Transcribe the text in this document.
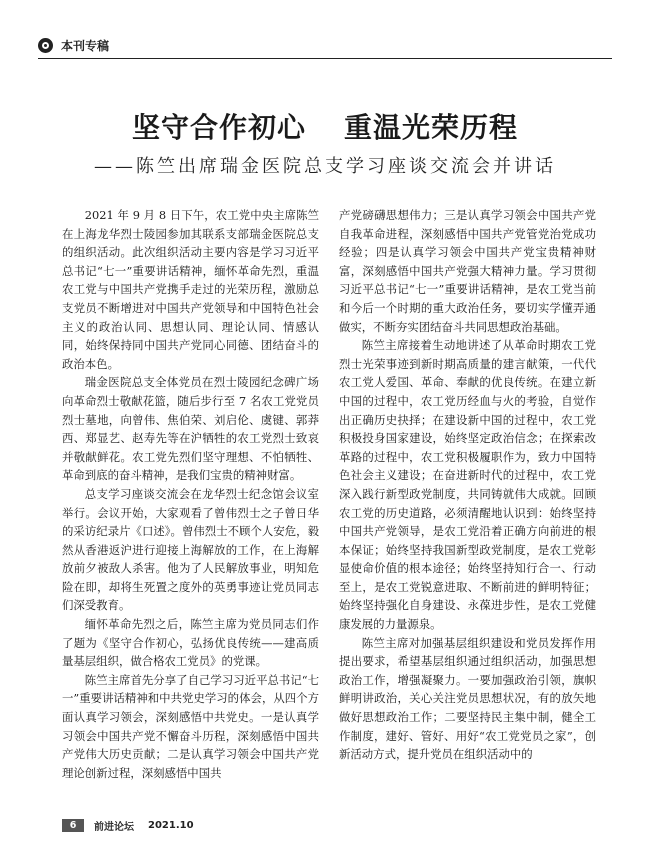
本刊专稿
坚守合作初心 重温光荣历程
——陈竺出席瑞金医院总支学习座谈交流会并讲话

2021 年 9 月 8 日下午，农工党中央主席陈竺在上海龙华烈士陵园参加其联系支部瑞金医院总支的组织活动。此次组织活动主要内容是学习习近平总书记“七一”重要讲话精神，缅怀革命先烈，重温农工党与中国共产党携手走过的光荣历程，激励总支党员不断增进对中国共产党领导和中国特色社会主义的政治认同、思想认同、理论认同、情感认同，始终保持同中国共产党同心同德、团结奋斗的政治本色。

瑞金医院总支全体党员在烈士陵园纪念碑广场向革命烈士敬献花篮，随后步行至 7 名农工党党员烈士墓地，向曾伟、焦伯荣、刘启伦、虞键、郭莽西、郑显艺、赵寿先等在沪牺牲的农工党烈士致哀并敬献鲜花。农工党先烈们坚守理想、不怕牺牲、革命到底的奋斗精神，是我们宝贵的精神财富。

总支学习座谈交流会在龙华烈士纪念馆会议室举行。会议开始，大家观看了曾伟烈士之子曾日华的采访纪录片《口述》。曾伟烈士不顾个人安危，毅然从香港返沪进行迎接上海解放的工作，在上海解放前夕被敌人杀害。他为了人民解放事业，明知危险在即，却将生死置之度外的英勇事迹让党员同志们深受教育。

缅怀革命先烈之后，陈竺主席为党员同志们作了题为《坚守合作初心，弘扬优良传统——建高质量基层组织，做合格农工党员》的党课。

陈竺主席首先分享了自己学习习近平总书记“七一”重要讲话精神和中共党史学习的体会，从四个方面认真学习领会，深刻感悟中共党史。一是认真学习领会中国共产党不懈奋斗历程，深刻感悟中国共产党伟大历史贡献；二是认真学习领会中国共产党理论创新过程，深刻感悟中国共

产党磅礴思想伟力；三是认真学习领会中国共产党自我革命进程，深刻感悟中国共产党管党治党成功经验；四是认真学习领会中国共产党宝贵精神财富，深刻感悟中国共产党强大精神力量。学习贯彻习近平总书记“七一”重要讲话精神，是农工党当前和今后一个时期的重大政治任务，要切实学懂弄通做实，不断夯实团结奋斗共同思想政治基础。

陈竺主席接着生动地讲述了从革命时期农工党烈士光荣事迹到新时期高质量的建言献策，一代代农工党人爱国、革命、奉献的优良传统。在建立新中国的过程中，农工党历经血与火的考验，自觉作出正确历史抉择；在建设新中国的过程中，农工党积极投身国家建设，始终坚定政治信念；在探索改革路的过程中，农工党积极履职作为，致力中国特色社会主义建设；在奋进新时代的过程中，农工党深入践行新型政党制度，共同铸就伟大成就。回顾农工党的历史道路，必须清醒地认识到：始终坚持中国共产党领导，是农工党沿着正确方向前进的根本保证；始终坚持我国新型政党制度，是农工党彰显使命价值的根本途径；始终坚持知行合一、行动至上，是农工党锐意进取、不断前进的鲜明特征；始终坚持强化自身建设、永葆进步性，是农工党健康发展的力量源泉。

陈竺主席对加强基层组织建设和党员发挥作用提出要求，希望基层组织通过组织活动，加强思想政治工作，增强凝聚力。一要加强政治引领，旗帜鲜明讲政治，关心关注党员思想状况，有的放矢地做好思想政治工作；二要坚持民主集中制，健全工作制度，建好、管好、用好“农工党党员之家”，创新活动方式，提升党员在组织活动中的

6	前进论坛 2021.10
